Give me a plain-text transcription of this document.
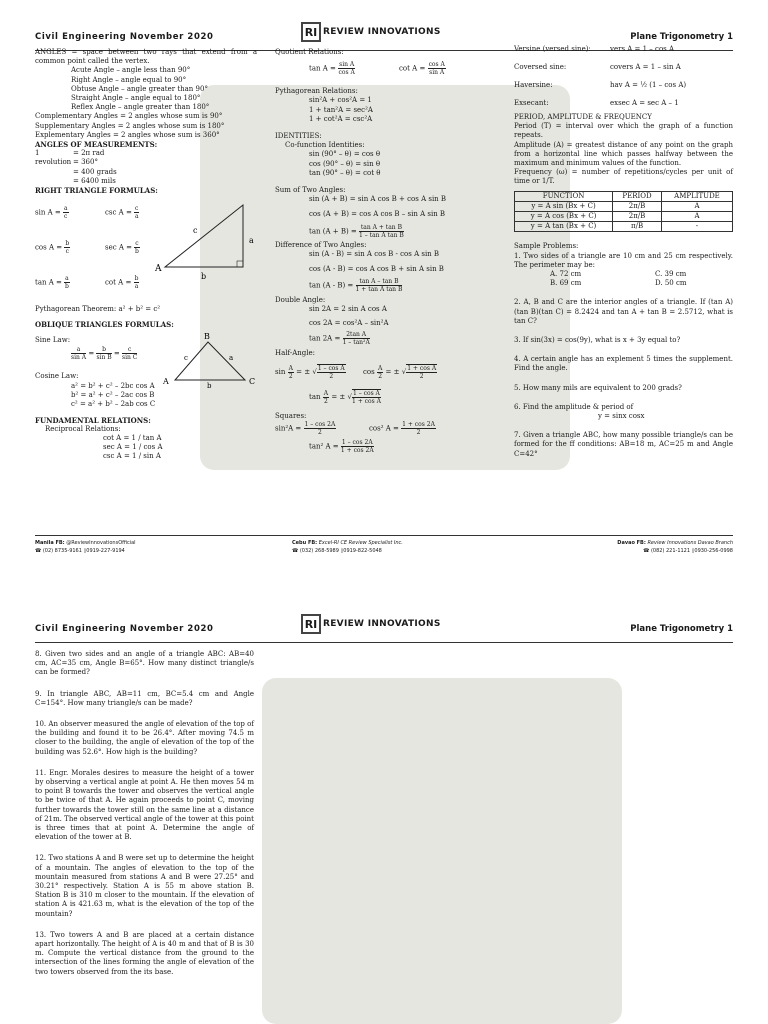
Civil Engineering November 2020	RI REVIEW INNOVATIONS	Plane Trigonometry 1

ANGLES = space between two rays that extend from a common point called the vertex.

Acute Angle – angle less than 90°

Right Angle – angle equal to 90°

Obtuse Angle – angle greater than 90°

Straight Angle – angle equal to 180°

Reflex Angle – angle greater than 180°

Complementary Angles = 2 angles whose sum is 90°

Supplementary Angles = 2 angles whose sum is 180°

Explementary Angles = 2 angles whose sum is 360°

ANGLES OF MEASUREMENTS:

1 revolution

= 2π rad

= 360°

= 400 grads

= 6400 mils

RIGHT TRIANGLE FORMULAS:

$\sin A = \frac{a}{c}$	$\csc A = \frac{c}{a}$
$\cos A = \frac{b}{c}$	$\sec A = \frac{c}{b}$
$\tan A = \frac{a}{b}$	$\cot A = \frac{b}{a}$
A
b
a
c

Pythagorean Theorem: a² + b² = c²

OBLIQUE TRIANGLES FORMULAS:

Sine Law:

$\frac{a}{\text{sin A}} = \frac{b}{\text{sin B}} = \frac{c}{\text{sin C}}$

Cosine Law:

a² = b² + c² – 2bc cos A

b² = a² + c² – 2ac cos B

c² = a² + b² – 2ab cos C

A	C
B
c	a
b

FUNDAMENTAL RELATIONS:

Reciprocal Relations:

cot A = 1 / tan A

sec A = 1 / cos A

csc A = 1 / sin A

Quotient Relations:

$\tan A = \frac{\text{sin A}}{\text{cos A}}$	$\cot A = \frac{\text{cos A}}{\text{sin A}}$

Pythagorean Relations:

sin²A + cos²A = 1

1 + tan²A = sec²A

1 + cot²A = csc²A

IDENTITIES:

Co-function Identities:

sin (90° – θ) = cos θ

cos (90° – θ) = sin θ

tan (90° – θ) = cot θ

Sum of Two Angles:

sin (A + B) = sin A cos B + cos A sin B

cos (A + B) = cos A cos B – sin A sin B

$\tan (A + B) = \frac{\text{tan A + tan B}}{\text{1 – tan A tan B}}$

Difference of Two Angles:

sin (A - B) = sin A cos B - cos A sin B

cos (A - B) = cos A cos B + sin A sin B

$\tan (A - B) = \frac{\text{tan A – tan B}}{\text{1 + tan A tan B}}$

Double Angle:

sin 2A = 2 sin A cos A

cos 2A = cos²A – sin²A

$\tan 2A = \frac{\text{2tan A}}{\text{1 – tan²A}}$

Half-Angle:

$\sin \frac{A}{2}$ = ± √ $\frac{\text{1 – cos A}}{2}$ $\cos \frac{A}{2}$ = ± √ $\frac{\text{1 + cos A}}{2}$
$\tan \frac{A}{2}$ = ± √ $\frac{\text{1 – cos A}}{\text{1 + cos A}}$

Squares:

$\sin^2A = \frac{1 - \cos 2A}{2}$	cos² $A = \frac{1 + \cos 2A}{2}$
tan² $A = \frac{1 - \cos 2A}{1 + \cos 2A}$
Versine (versed sine):	vers A = 1 – cos A
Coversed sine:	covers A = 1 – sin A
Haversine:	hav A = ½ (1 – cos A)
Exsecant:	exsec A = sec A – 1

PERIOD, AMPLITUDE & FREQUENCY

Period (T) = interval over which the graph of a function repeats.

Amplitude (A) = greatest distance of any point on the graph from a horizontal line which passes halfway between the maximum and minimum values of the function.

Frequency (ω) = number of repetitions/cycles per unit of time or 1/T.

FUNCTION	PERIOD	AMPLITUDE
y = A sin (Bx + C)	2π/B	A
y = A cos (Bx + C)	2π/B	A
y = A tan (Bx + C)	π/B	-

Sample Problems:

1. Two sides of a triangle are 10 cm and 25 cm respectively. The perimeter may be:

A. 72 cm	C. 39 cm
B. 69 cm	D. 50 cm

2. A, B and C are the interior angles of a triangle. If (tan A)(tan B)(tan C) = 8.2424 and tan A + tan B = 2.5712, what is tan C?

3. If sin(3x) = cos(9y), what is x + 3y equal to?

4. A certain angle has an explement 5 times the supplement. Find the angle.

5. How many mils are equivalent to 200 grads?

6. Find the amplitude & period of

y = sinx cosx

7. Given a triangle ABC, how many possible triangle/s can be formed for the ff conditions: AB=18 m, AC=25 m and Angle C=42°

Manila FB: @ReviewInnovationsOfficial
☎ (02) 8735-9161 ▯0919-227-9194
Cebu FB: Excel-RI CE Review Specialist Inc.
☎ (032) 268-5989 ▯0919-822-5048
Davao FB: Review Innovations Davao Branch
☎ (082) 221-1121 ▯0930-256-0998
Civil Engineering November 2020	RI REVIEW INNOVATIONS	Plane Trigonometry 1

8. Given two sides and an angle of a triangle ABC: AB=40 cm, AC=35 cm, Angle B=65°. How many distinct triangle/s can be formed?

9. In triangle ABC, AB=11 cm, BC=5.4 cm and Angle C=154°. How many triangle/s can be made?

10. An observer measured the angle of elevation of the top of the building and found it to be 26.4°. After moving 74.5 m closer to the building, the angle of elevation of the top of the building was 52.6°. How high is the building?

11. Engr. Morales desires to measure the height of a tower by observing a vertical angle at point A. He then moves 54 m to point B towards the tower and observes the vertical angle to be twice of that A. He again proceeds to point C, moving further towards the tower still on the same line at a distance of 21m. The observed vertical angle of the tower at this point is three times that at point A. Determine the angle of elevation of the tower at B.

12. Two stations A and B were set up to determine the height of a mountain. The angles of elevation to the top of the mountain measured from stations A and B were 27.25° and 30.21° respectively. Station A is 55 m above station B. Station B is 310 m closer to the mountain. If the elevation of station A is 421.63 m, what is the elevation of the top of the mountain?

13. Two towers A and B are placed at a certain distance apart horizontally. The height of A is 40 m and that of B is 30 m. Compute the vertical distance from the ground to the intersection of the lines forming the angle of elevation of the two towers observed from the its base.
